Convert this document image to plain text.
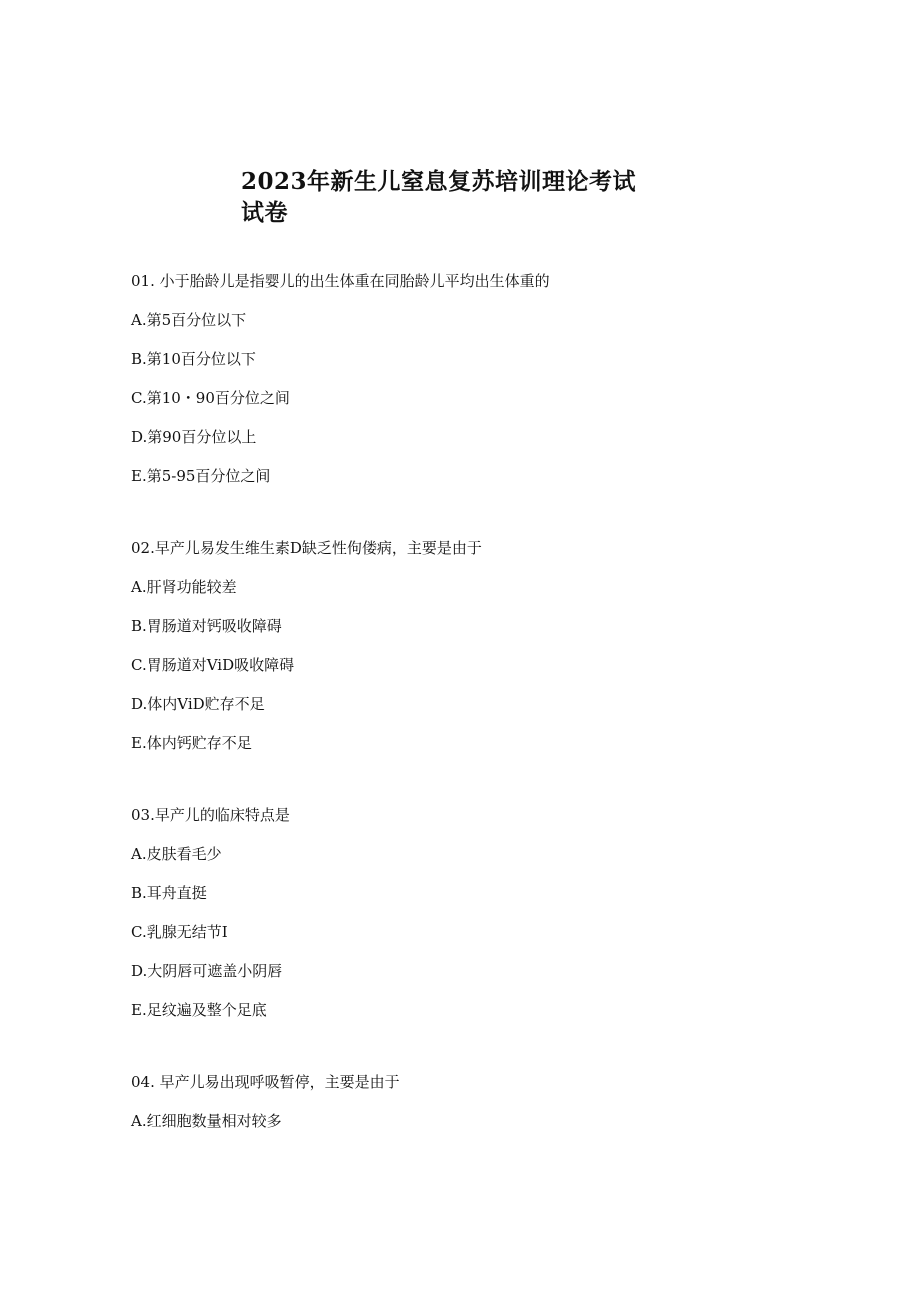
2023年新生儿窒息复苏培训理论考试
试卷
01. 小于胎龄儿是指婴儿的出生体重在同胎龄儿平均出生体重的
A.第5百分位以下
B.第10百分位以下
C.第10・90百分位之间
D.第90百分位以上
E.第5-95百分位之间
02.早产儿易发生维生素D缺乏性佝偻病，主要是由于
A.肝肾功能较差
B.胃肠道对钙吸收障碍
C.胃肠道对ViD吸收障碍
D.体内ViD贮存不足
E.体内钙贮存不足
03.早产儿的临床特点是
A.皮肤看毛少
B.耳舟直挺
C.乳腺无结节I
D.大阴唇可遮盖小阴唇
E.足纹遍及整个足底
04. 早产儿易出现呼吸暂停，主要是由于
A.红细胞数量相对较多
